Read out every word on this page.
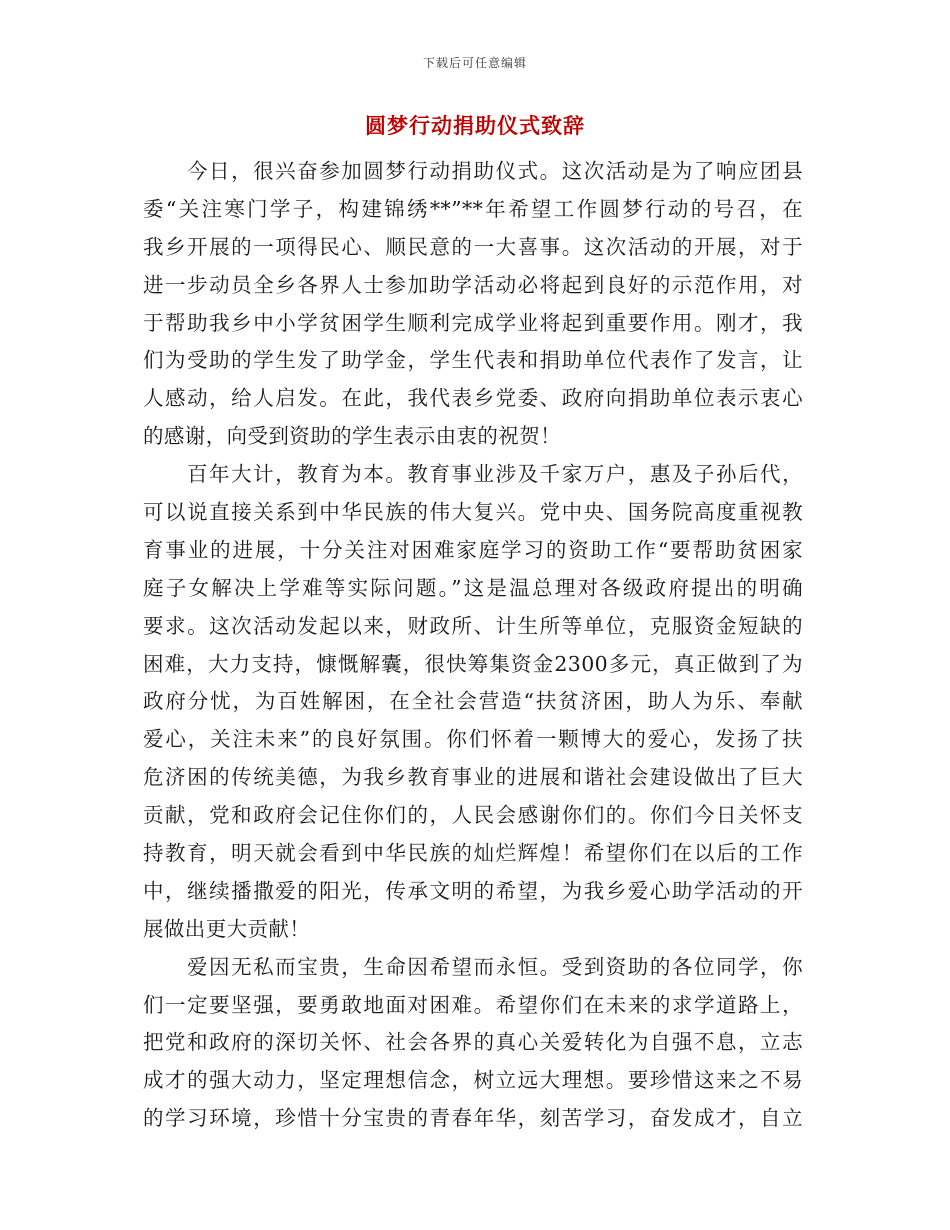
下载后可任意编辑
圆梦行动捐助仪式致辞
今日，很兴奋参加圆梦行动捐助仪式。这次活动是为了响应团县
委“关注寒门学子，构建锦绣**”**年希望工作圆梦行动的号召，在
我乡开展的一项得民心、顺民意的一大喜事。这次活动的开展，对于
进一步动员全乡各界人士参加助学活动必将起到良好的示范作用，对
于帮助我乡中小学贫困学生顺利完成学业将起到重要作用。刚才，我
们为受助的学生发了助学金，学生代表和捐助单位代表作了发言，让
人感动，给人启发。在此，我代表乡党委、政府向捐助单位表示衷心
的感谢，向受到资助的学生表示由衷的祝贺！
百年大计，教育为本。教育事业涉及千家万户，惠及子孙后代，
可以说直接关系到中华民族的伟大复兴。党中央、国务院高度重视教
育事业的进展，十分关注对困难家庭学习的资助工作“要帮助贫困家
庭子女解决上学难等实际问题。”这是温总理对各级政府提出的明确
要求。这次活动发起以来，财政所、计生所等单位，克服资金短缺的
困难，大力支持，慷慨解囊，很快筹集资金2300多元，真正做到了为
政府分忧，为百姓解困，在全社会营造“扶贫济困，助人为乐、奉献
爱心，关注未来”的良好氛围。你们怀着一颗博大的爱心，发扬了扶
危济困的传统美德，为我乡教育事业的进展和谐社会建设做出了巨大
贡献，党和政府会记住你们的，人民会感谢你们的。你们今日关怀支
持教育，明天就会看到中华民族的灿烂辉煌！希望你们在以后的工作
中，继续播撒爱的阳光，传承文明的希望，为我乡爱心助学活动的开
展做出更大贡献！
爱因无私而宝贵，生命因希望而永恒。受到资助的各位同学，你
们一定要坚强，要勇敢地面对困难。希望你们在未来的求学道路上，
把党和政府的深切关怀、社会各界的真心关爱转化为自强不息，立志
成才的强大动力，坚定理想信念，树立远大理想。要珍惜这来之不易
的学习环境，珍惜十分宝贵的青春年华，刻苦学习，奋发成才，自立
